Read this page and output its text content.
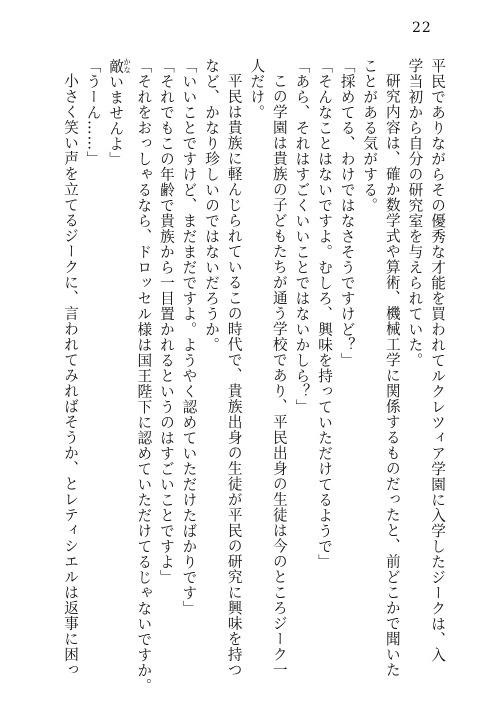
22
平民でありながらその優秀な才能を買われてルクレツィア学園に入学したジークは、入
学当初から自分の研究室を与えられていた。
研究内容は、確か数学式や算術、機械工学に関係するものだったと、前どこかで聞いた
ことがある気がする。
「採めてる、わけではなさそうですけど？」
「そんなことはないですよ。むしろ、興味を持っていただけてるようで」
「あら、それはすごくいいことではないかしら？」
この学園は貴族の子どもたちが通う学校であり、平民出身の生徒は今のところジーク一
人だけ。
平民は貴族に軽んじられているこの時代で、貴族出身の生徒が平民の研究に興味を持つ
など、かなり珍しいのではないだろうか。
「いいことですけど、まだまだですよ。ようやく認めていただけたばかりです」
「それでもこの年齢で貴族から一目置かれるというのはすごいことですよ」
「それをおっしゃるなら、ドロッセル様は国王陛下に認めていただけてるじゃないですか。
敵 かないませんよ」
「うーん……」
小さく笑い声を立てるジークに、言われてみればそうか、とレティシエルは返事に困っ
